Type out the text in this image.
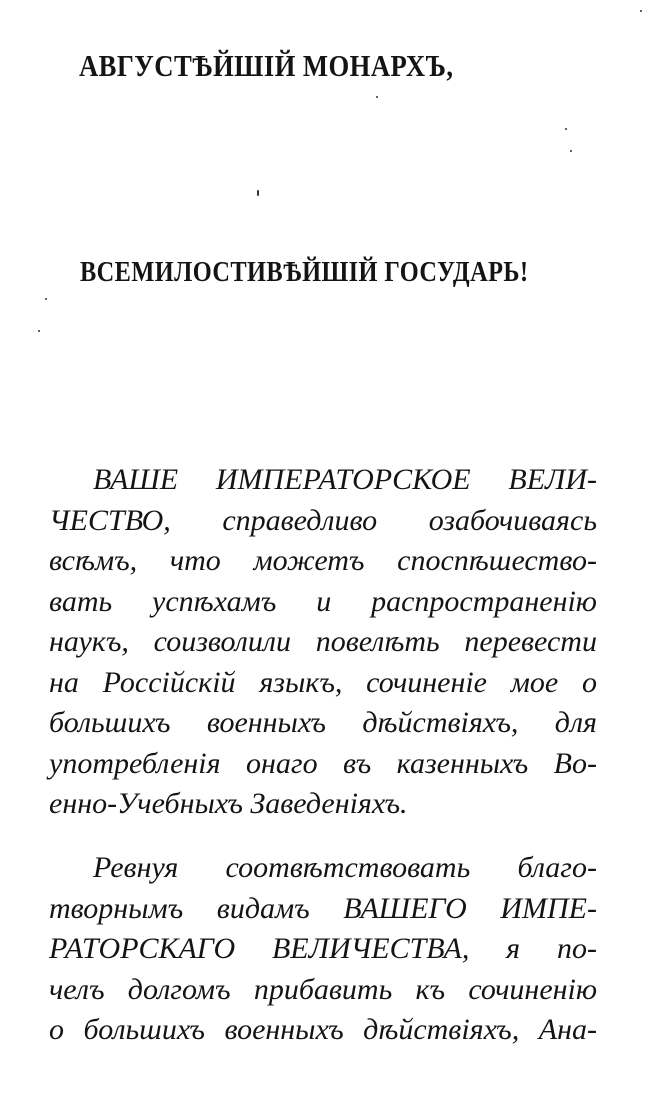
АВГУСТѢЙШІЙ МОНАРХЪ,
ВСЕМИЛОСТИВѢЙШІЙ ГОСУДАРЬ!
ВАШЕ ИМПЕРАТОРСКОЕ ВЕЛИ-
ЧЕСТВО, справедливо озабочиваясь
всѣмъ, что можетъ споспѣшество-
вать успѣхамъ и распространенію
наукъ, соизволили повелѣть перевести
на Россійскій языкъ, сочиненіе мое о
большихъ военныхъ дѣйствіяхъ, для
употребленія онаго въ казенныхъ Во-
енно-Учебныхъ Заведеніяхъ.
Ревнуя соотвѣтствовать благо-
творнымъ видамъ ВАШЕГО ИМПЕ-
РАТОРСКАГО ВЕЛИЧЕСТВА, я по-
челъ долгомъ прибавить къ сочиненію
о большихъ военныхъ дѣйствіяхъ, Ана-
